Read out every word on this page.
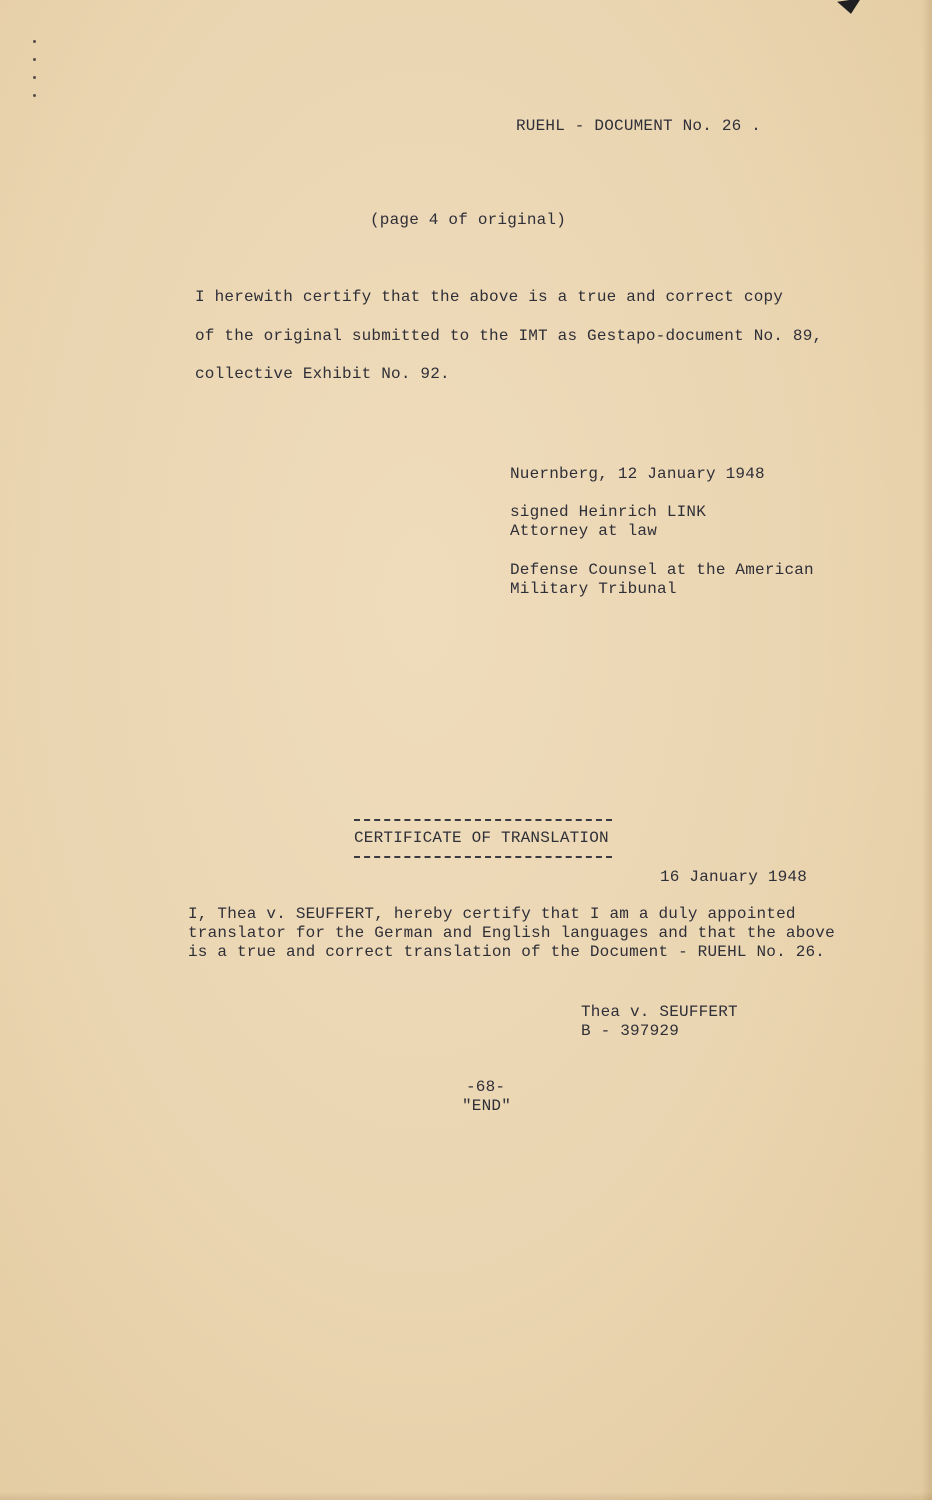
RUEHL - DOCUMENT No. 26 .
(page 4 of original)
I herewith certify that the above is a true and correct copy
of the original submitted to the IMT as Gestapo-document No. 89,
collective Exhibit No. 92.
Nuernberg, 12 January 1948
signed Heinrich LINK
Attorney at law
Defense Counsel at the American
Military Tribunal
CERTIFICATE OF TRANSLATION
16 January 1948
I, Thea v. SEUFFERT, hereby certify that I am a duly appointed
translator for the German and English languages and that the above
is a true and correct translation of the Document - RUEHL No. 26.
Thea v. SEUFFERT
B - 397929
-68-
"END"
